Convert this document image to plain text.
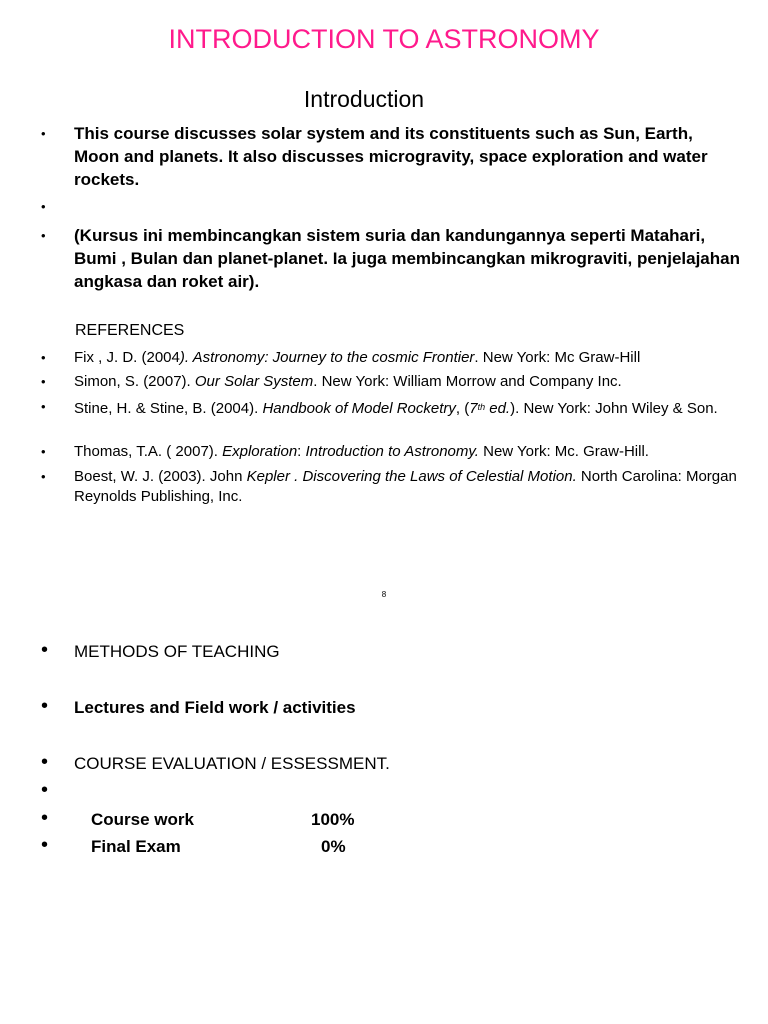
INTRODUCTION TO ASTRONOMY
Introduction
• This course discusses solar system and its constituents such as Sun, Earth, Moon and planets. It also discusses microgravity, space exploration and water rockets.
•
• (Kursus ini membincangkan sistem suria dan kandungannya seperti Matahari, Bumi , Bulan dan planet-planet. Ia juga membincangkan mikrograviti, penjelajahan angkasa dan roket air).
REFERENCES
• Fix , J. D. (2004). Astronomy: Journey to the cosmic Frontier. New York: Mc Graw-Hill
• Simon, S. (2007). Our Solar System. New York: William Morrow and Company Inc.
• Stine, H. & Stine, B. (2004). Handbook of Model Rocketry, (7th ed.). New York: John Wiley & Son.
• Thomas, T.A. ( 2007). Exploration: Introduction to Astronomy. New York: Mc. Graw-Hill.
• Boest, W. J. (2003). John Kepler . Discovering the Laws of Celestial Motion. North Carolina: Morgan Reynolds Publishing, Inc.
8
• METHODS OF TEACHING
• Lectures and Field work / activities
• COURSE EVALUATION / ESSESSMENT.
•
•	Course work	100%
•	Final Exam	0%
